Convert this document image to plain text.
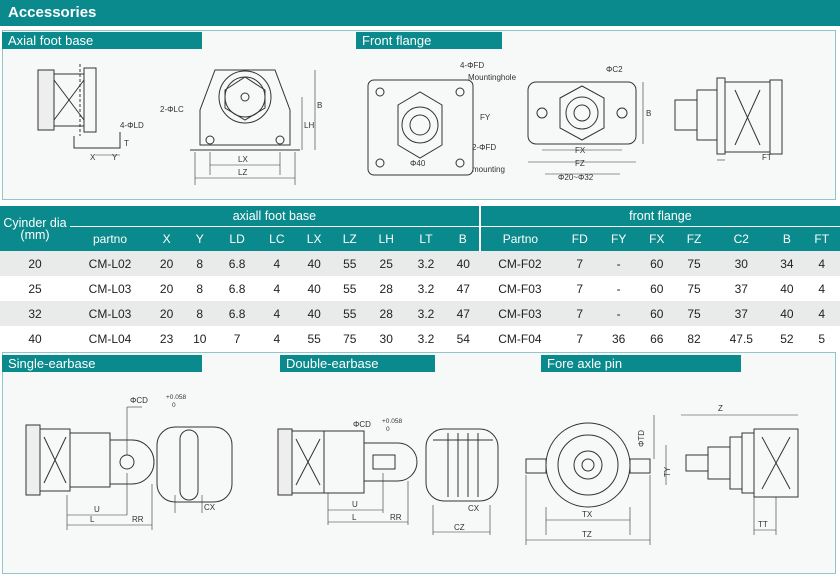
Accessories
Axial foot base	Front flange
4-ΦLD
X Y
T
2-ΦLC
LX
LZ
LH
B
4-ΦFD
Mountinghole
FY
2-ΦFD
Φ40
mounting
ΦC2
B
FX
FZ
Φ20~Φ32
FT
Cyinder dia
(mm)	axiall foot base										front flange							
	partno	X	Y	LD	LC	LX	LZ	LH	LT	B	Partno	FD	FY	FX	FZ	C2	B	FT
20	CM-L02	20	8	6.8	4	40	55	25	3.2	40	CM-F02	7	-	60	75	30	34	4
25	CM-L03	20	8	6.8	4	40	55	28	3.2	47	CM-F03	7	-	60	75	37	40	4
32	CM-L03	20	8	6.8	4	40	55	28	3.2	47	CM-F03	7	-	60	75	37	40	4
40	CM-L04	23	10	7	4	55	75	30	3.2	54	CM-F04	7	36	66	82	47.5	52	5
Single-earbase	Double-earbase	Fore axle pin
ΦCD	+0.058
0
U
L	RR
CX
ΦCD +0.058
0
U
L	RR
CX
CZ
Z
ΦTD
TY
TX
TZ
TT
